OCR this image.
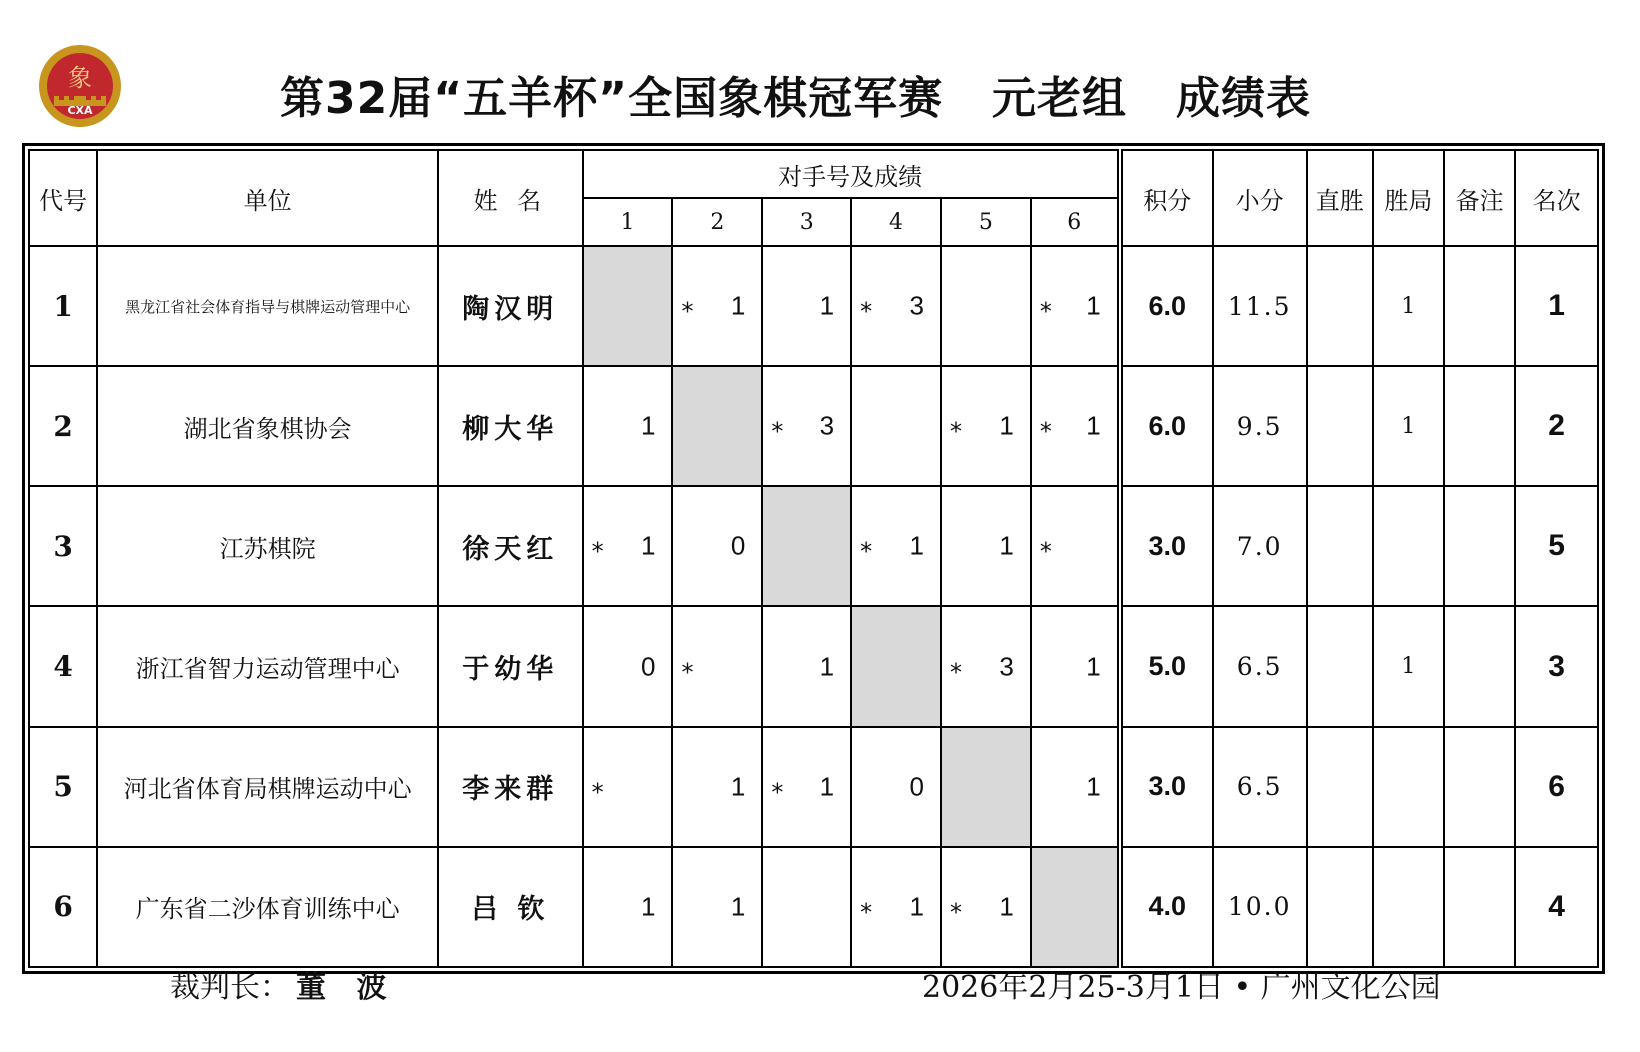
象
CXA	第32届“五羊杯”全国象棋冠军赛   元老组   成绩表
代号	单位	姓 名	对手号及成绩						积分	小分	直胜	胜局	备注	名次
			1	2	3	4	5	6						
1	黑龙江省社会体育指导与棋牌运动管理中心	陶汉明		* 1	1	* 3		* 1	6.0	11.5		1		1
2	湖北省象棋协会	柳大华	1		* 3		* 1	* 1	6.0	9.5		1		2
3	江苏棋院	徐天红	* 1	0		* 1	1	*	3.0	7.0				5
4	浙江省智力运动管理中心	于幼华	0	*	1		* 3	1	5.0	6.5		1		3
5	河北省体育局棋牌运动中心	李来群	*	1	* 1	0		1	3.0	6.5				6
6	广东省二沙体育训练中心	吕 钦	1	1		* 1	* 1		4.0	10.0				4
裁判长： 董 波	2026年2月25-3月1日 • 广州文化公园
